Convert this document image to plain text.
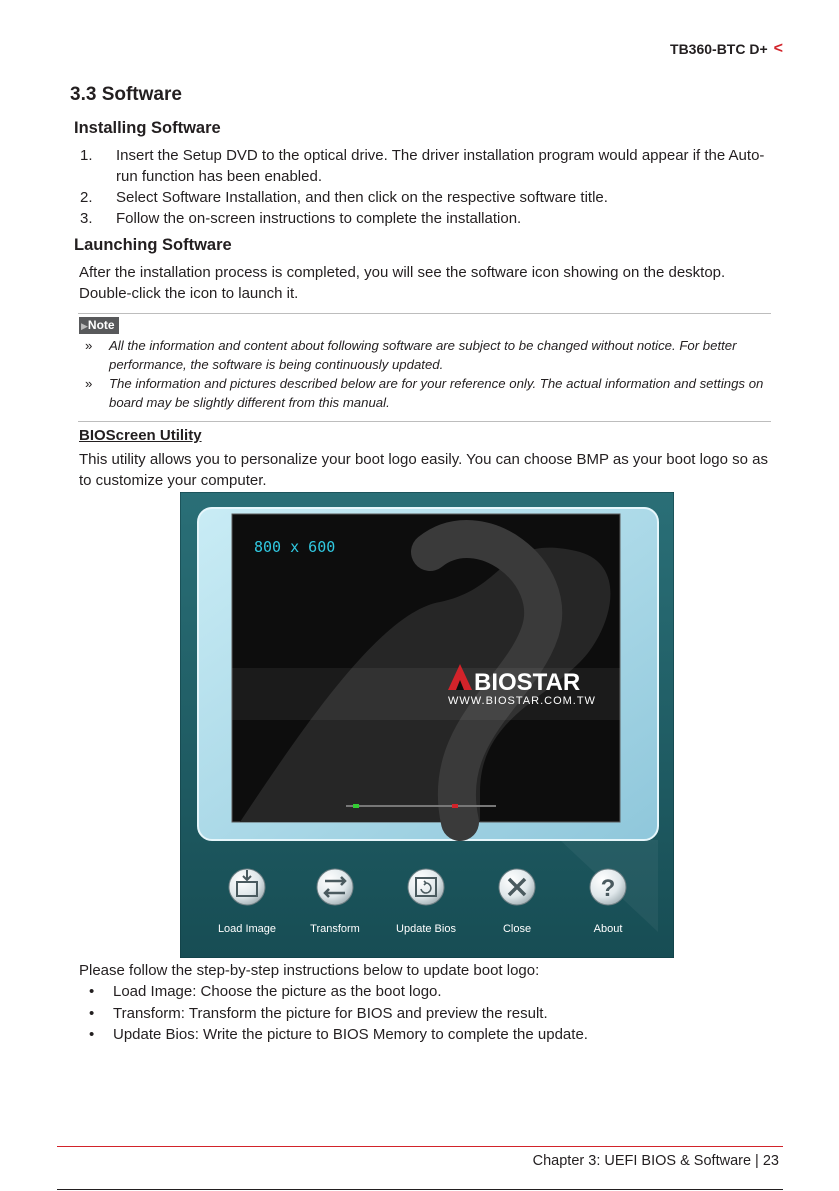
TB360-BTC D+ <
3.3 Software
Installing Software
1.	Insert the Setup DVD to the optical drive. The driver installation program would appear if the Auto-run function has been enabled.
2.	Select Software Installation, and then click on the respective software title.
3.	Follow the on-screen instructions to complete the installation.
Launching Software
After the installation process is completed, you will see the software icon showing on the desktop. Double-click the icon to launch it.
▶Note
»	All the information and content about following software are subject to be changed without notice. For better performance, the software is being continuously updated.
»	The information and pictures described below are for your reference only. The actual information and settings on board may be slightly different from this manual.
BIOScreen Utility
This utility allows you to personalize your boot logo easily. You can choose BMP as your boot logo so as to customize your computer.
800 x 600
BIOSTAR
WWW.BIOSTAR.COM.TW
Load Image	Transform	Update Bios	Close
?
About
Please follow the step-by-step instructions below to update boot logo:
•	Load Image: Choose the picture as the boot logo.
•	Transform: Transform the picture for BIOS and preview the result.
•	Update Bios: Write the picture to BIOS Memory to complete the update.
Chapter 3: UEFI BIOS & Software | 23
